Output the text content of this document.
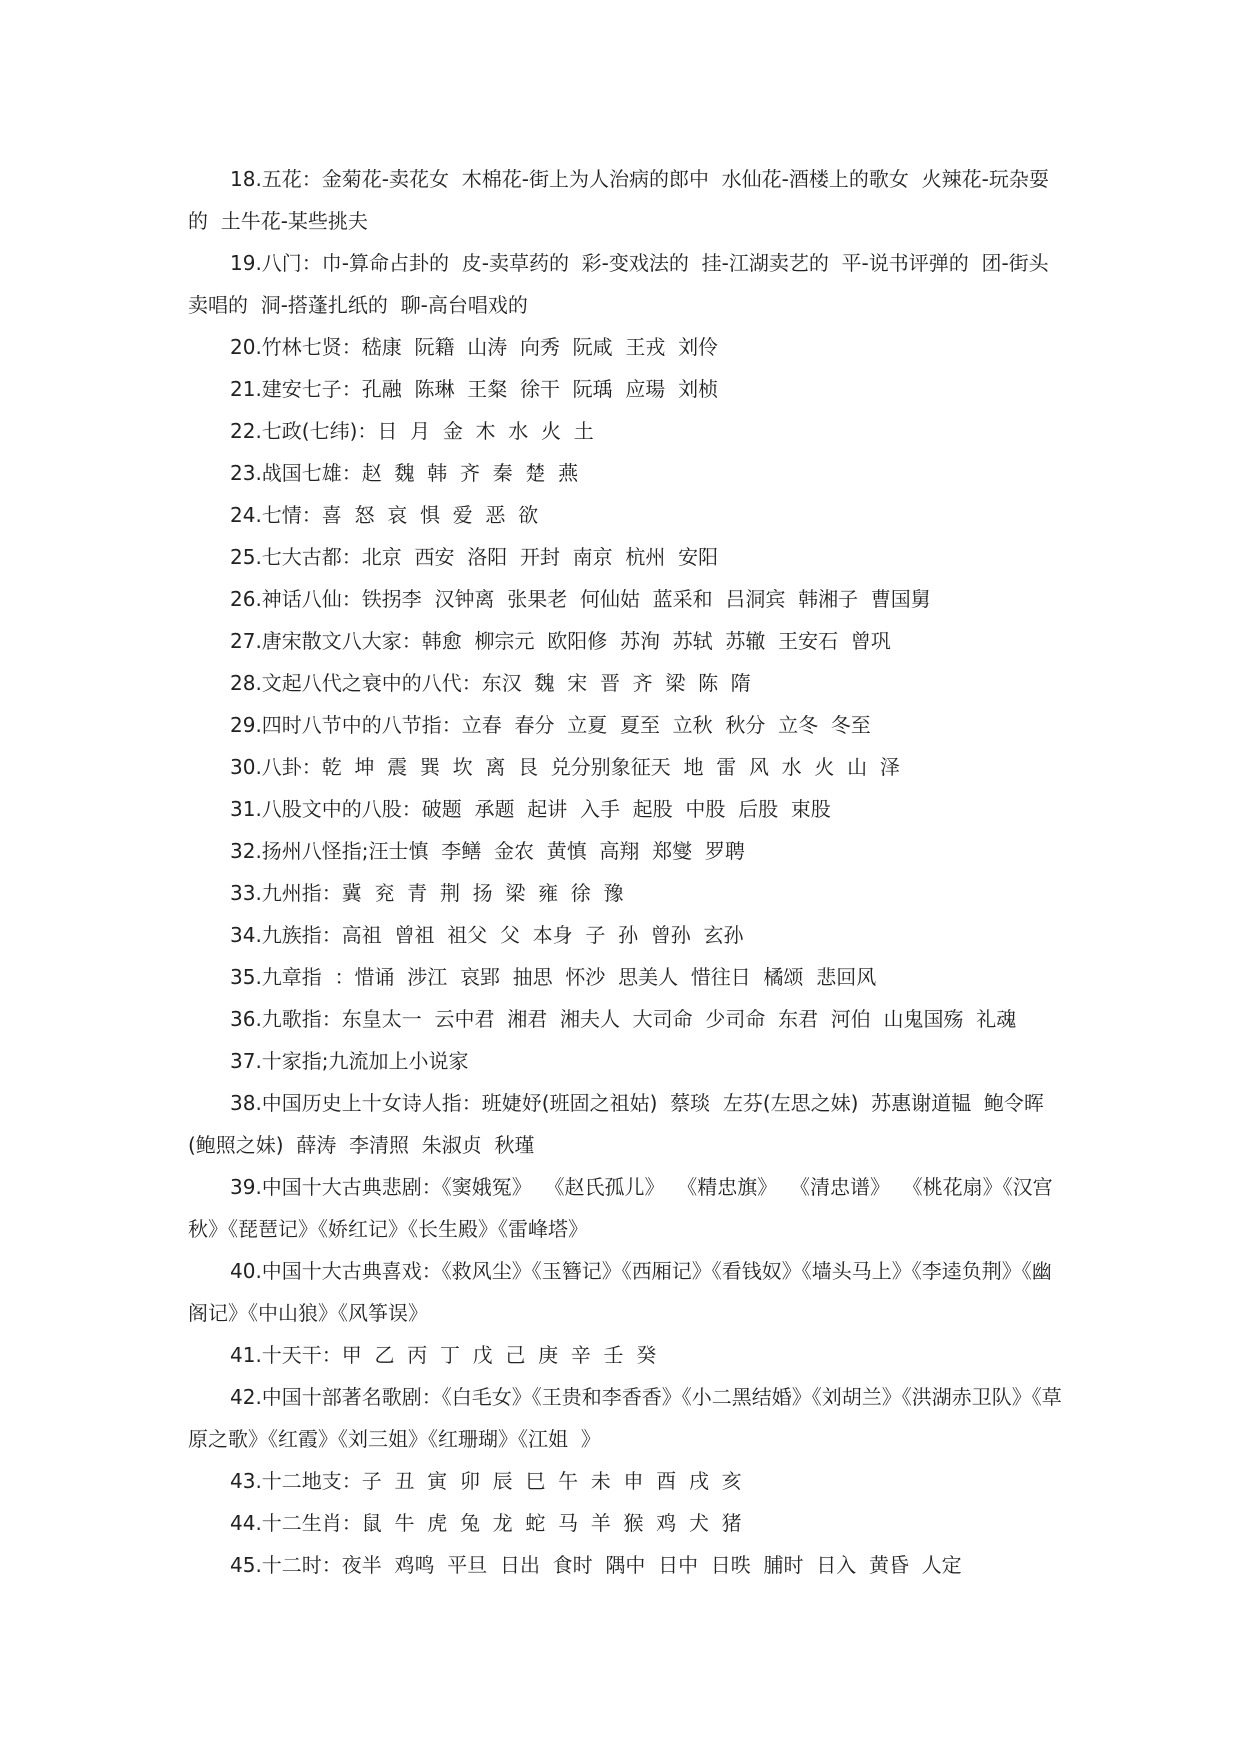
18.五花：金菊花-卖花女  木棉花-街上为人治病的郎中  水仙花-酒楼上的歌女  火辣花-玩杂耍的  土牛花-某些挑夫

19.八门：巾-算命占卦的  皮-卖草药的  彩-变戏法的  挂-江湖卖艺的  平-说书评弹的  团-街头卖唱的  洞-搭蓬扎纸的  聊-高台唱戏的

20.竹林七贤：嵇康  阮籍  山涛  向秀  阮咸  王戎  刘伶

21.建安七子：孔融  陈琳  王粲  徐干  阮瑀  应瑒  刘桢

22.七政(七纬)：日  月  金  木  水  火  土

23.战国七雄：赵  魏  韩  齐  秦  楚  燕

24.七情：喜  怒  哀  惧  爱  恶  欲

25.七大古都：北京  西安  洛阳  开封  南京  杭州  安阳

26.神话八仙：铁拐李  汉钟离  张果老  何仙姑  蓝采和  吕洞宾  韩湘子  曹国舅

27.唐宋散文八大家：韩愈  柳宗元  欧阳修  苏洵  苏轼  苏辙  王安石  曾巩

28.文起八代之衰中的八代：东汉  魏  宋  晋  齐  梁  陈  隋

29.四时八节中的八节指：立春  春分  立夏  夏至  立秋  秋分  立冬  冬至

30.八卦：乾  坤  震  巽  坎  离  艮  兑分别象征天  地  雷  风  水  火  山  泽

31.八股文中的八股：破题  承题  起讲  入手  起股  中股  后股  束股

32.扬州八怪指;汪士慎  李鳝  金农  黄慎  高翔  郑燮  罗聘

33.九州指：冀  兖  青  荆  扬  梁  雍  徐  豫

34.九族指：高祖  曾祖  祖父  父  本身  子  孙  曾孙  玄孙

35.九章指  ：惜诵  涉江  哀郢  抽思  怀沙  思美人  惜往日  橘颂  悲回风

36.九歌指：东皇太一  云中君  湘君  湘夫人  大司命  少司命  东君  河伯  山鬼国殇  礼魂

37.十家指;九流加上小说家

38.中国历史上十女诗人指：班婕妤(班固之祖姑)  蔡琰  左芬(左思之妹)  苏惠谢道韫  鲍令晖(鲍照之妹)  薛涛  李清照  朱淑贞  秋瑾

39.中国十大古典悲剧：《窦娥冤》  《赵氏孤儿》  《精忠旗》  《清忠谱》  《桃花扇》《汉宫秋》《琵琶记》《娇红记》《长生殿》《雷峰塔》

40.中国十大古典喜戏：《救风尘》《玉簪记》《西厢记》《看钱奴》《墙头马上》《李逵负荆》《幽阁记》《中山狼》《风筝误》

41.十天干：甲  乙  丙  丁  戊  己  庚  辛  壬  癸

42.中国十部著名歌剧：《白毛女》《王贵和李香香》《小二黑结婚》《刘胡兰》《洪湖赤卫队》《草原之歌》《红霞》《刘三姐》《红珊瑚》《江姐  》

43.十二地支：子  丑  寅  卯  辰  巳  午  未  申  酉  戌  亥

44.十二生肖：鼠  牛  虎  兔  龙  蛇  马  羊  猴  鸡  犬  猪

45.十二时：夜半  鸡鸣  平旦  日出  食时  隅中  日中  日昳  脯时  日入  黄昏  人定
